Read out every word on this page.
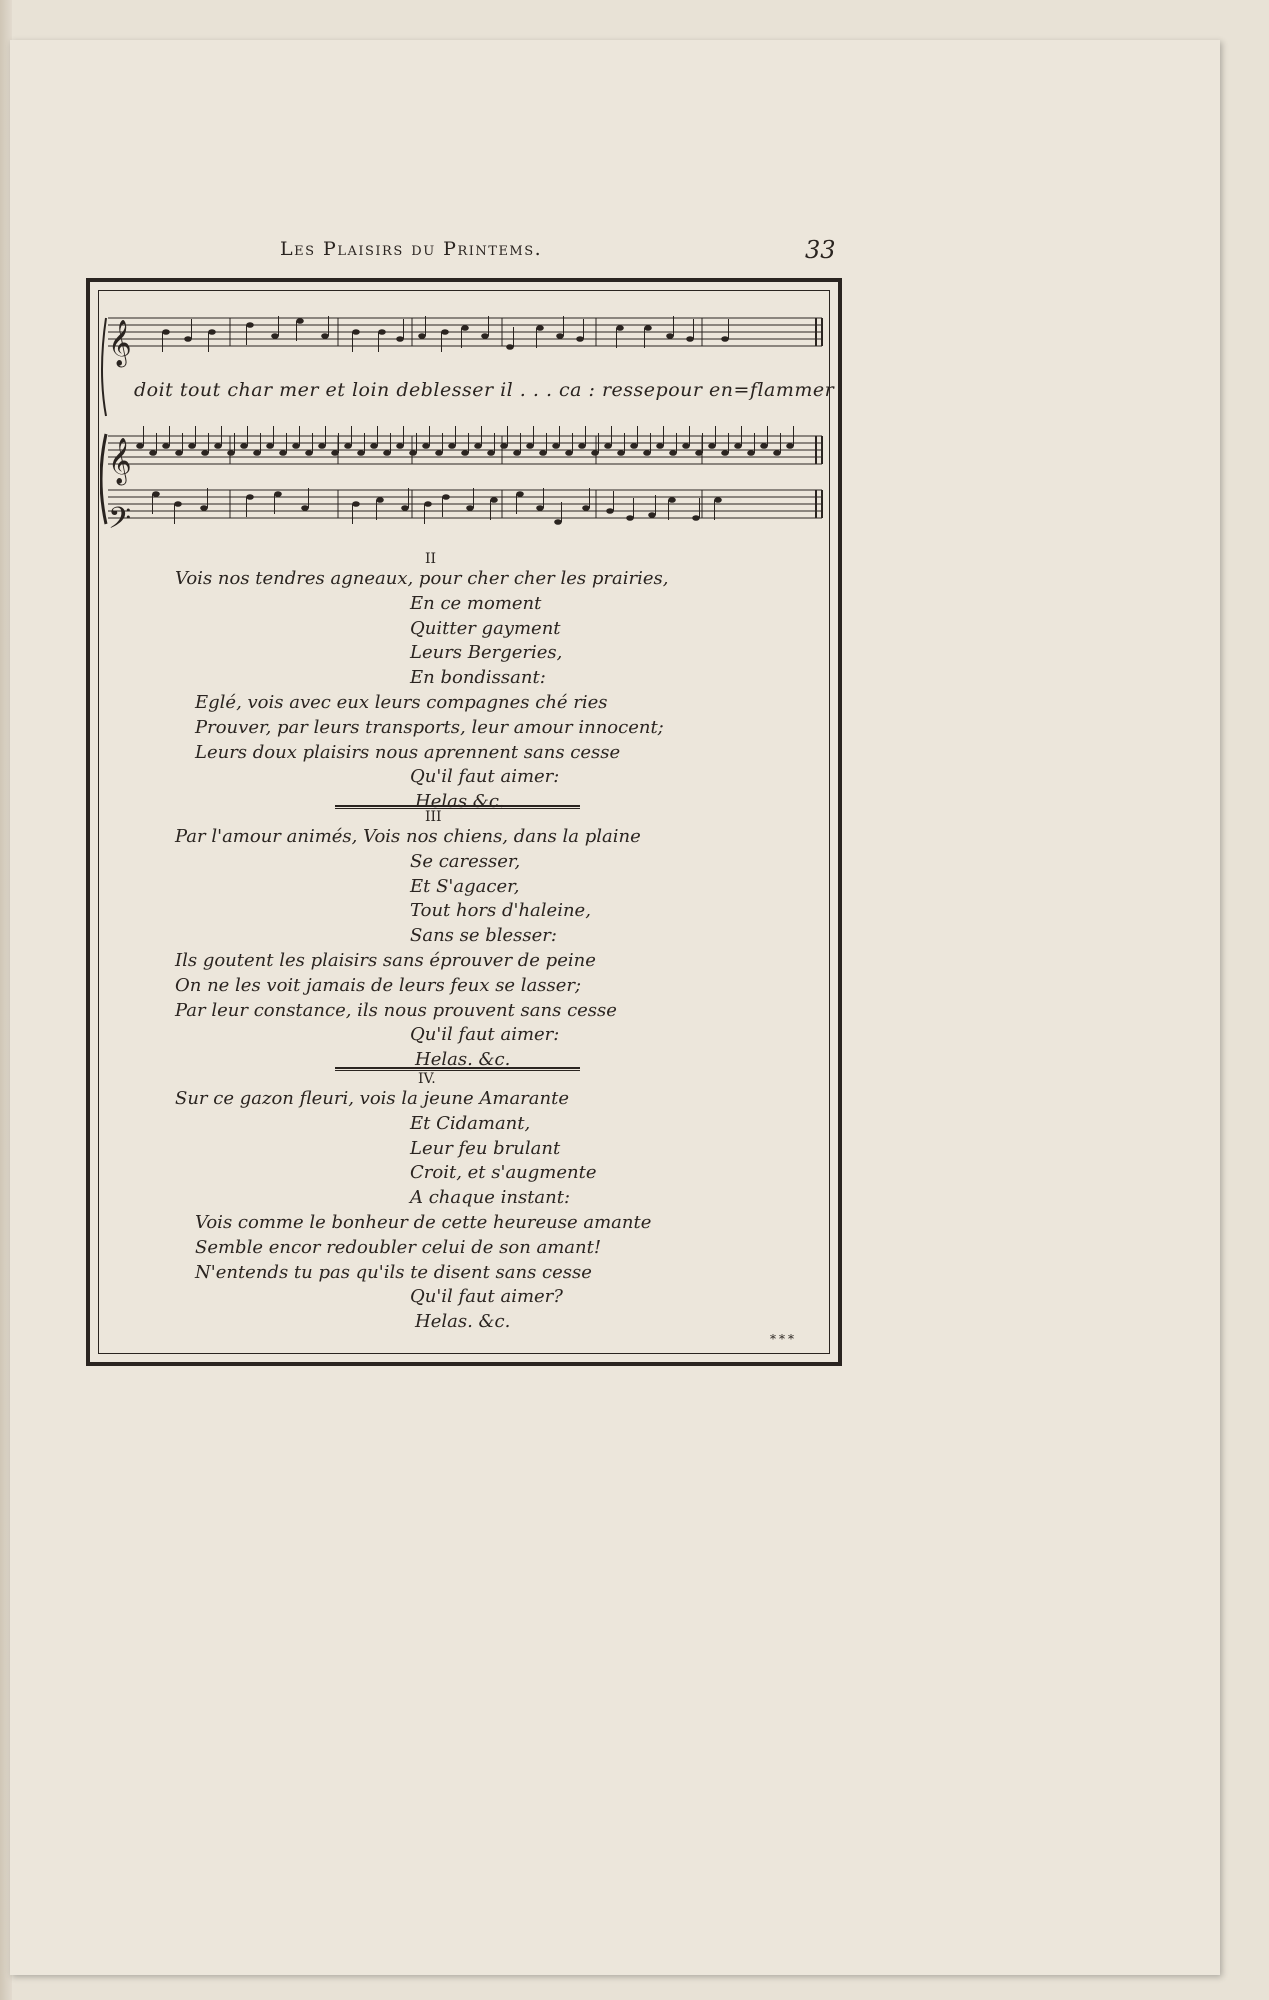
Les Plaisirs du Printems.	33
𝄞
𝄞
𝄢
doit tout char mer et loin deblesser il . . . ca : ressepour en=flammer
II
Vois nos tendres agneaux, pour cher cher les prairies,
En ce moment
Quitter gayment
Leurs Bergeries,
En bondissant:
Eglé, vois avec eux leurs compagnes ché ries
Prouver, par leurs transports, leur amour innocent;
Leurs doux plaisirs nous aprennent sans cesse
Qu'il faut aimer:
Helas &c.
III
Par l'amour animés, Vois nos chiens, dans la plaine
Se caresser,
Et S'agacer,
Tout hors d'haleine,
Sans se blesser:
Ils goutent les plaisirs sans éprouver de peine
On ne les voit jamais de leurs feux se lasser;
Par leur constance, ils nous prouvent sans cesse
Qu'il faut aimer:
Helas. &c.
IV.
Sur ce gazon fleuri, vois la jeune Amarante
Et Cidamant,
Leur feu brulant
Croit, et s'augmente
A chaque instant:
Vois comme le bonheur de cette heureuse amante
Semble encor redoubler celui de son amant!
N'entends tu pas qu'ils te disent sans cesse
Qu'il faut aimer?
Helas. &c.
***
